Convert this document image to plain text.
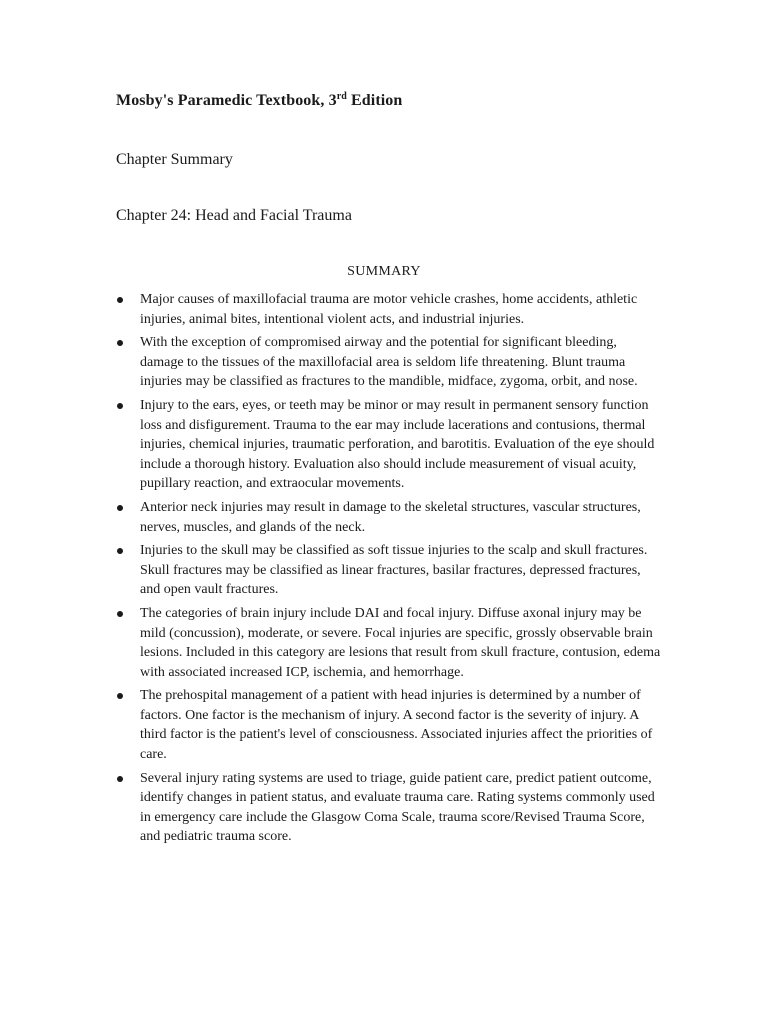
Mosby's Paramedic Textbook, 3rd Edition
Chapter Summary
Chapter 24: Head and Facial Trauma
SUMMARY
Major causes of maxillofacial trauma are motor vehicle crashes, home accidents, athletic injuries, animal bites, intentional violent acts, and industrial injuries.
With the exception of compromised airway and the potential for significant bleeding, damage to the tissues of the maxillofacial area is seldom life threatening. Blunt trauma injuries may be classified as fractures to the mandible, midface, zygoma, orbit, and nose.
Injury to the ears, eyes, or teeth may be minor or may result in permanent sensory function loss and disfigurement. Trauma to the ear may include lacerations and contusions, thermal injuries, chemical injuries, traumatic perforation, and barotitis. Evaluation of the eye should include a thorough history. Evaluation also should include measurement of visual acuity, pupillary reaction, and extraocular movements.
Anterior neck injuries may result in damage to the skeletal structures, vascular structures, nerves, muscles, and glands of the neck.
Injuries to the skull may be classified as soft tissue injuries to the scalp and skull fractures. Skull fractures may be classified as linear fractures, basilar fractures, depressed fractures, and open vault fractures.
The categories of brain injury include DAI and focal injury. Diffuse axonal injury may be mild (concussion), moderate, or severe. Focal injuries are specific, grossly observable brain lesions. Included in this category are lesions that result from skull fracture, contusion, edema with associated increased ICP, ischemia, and hemorrhage.
The prehospital management of a patient with head injuries is determined by a number of factors. One factor is the mechanism of injury. A second factor is the severity of injury. A third factor is the patient's level of consciousness. Associated injuries affect the priorities of care.
Several injury rating systems are used to triage, guide patient care, predict patient outcome, identify changes in patient status, and evaluate trauma care. Rating systems commonly used in emergency care include the Glasgow Coma Scale, trauma score/Revised Trauma Score, and pediatric trauma score.
